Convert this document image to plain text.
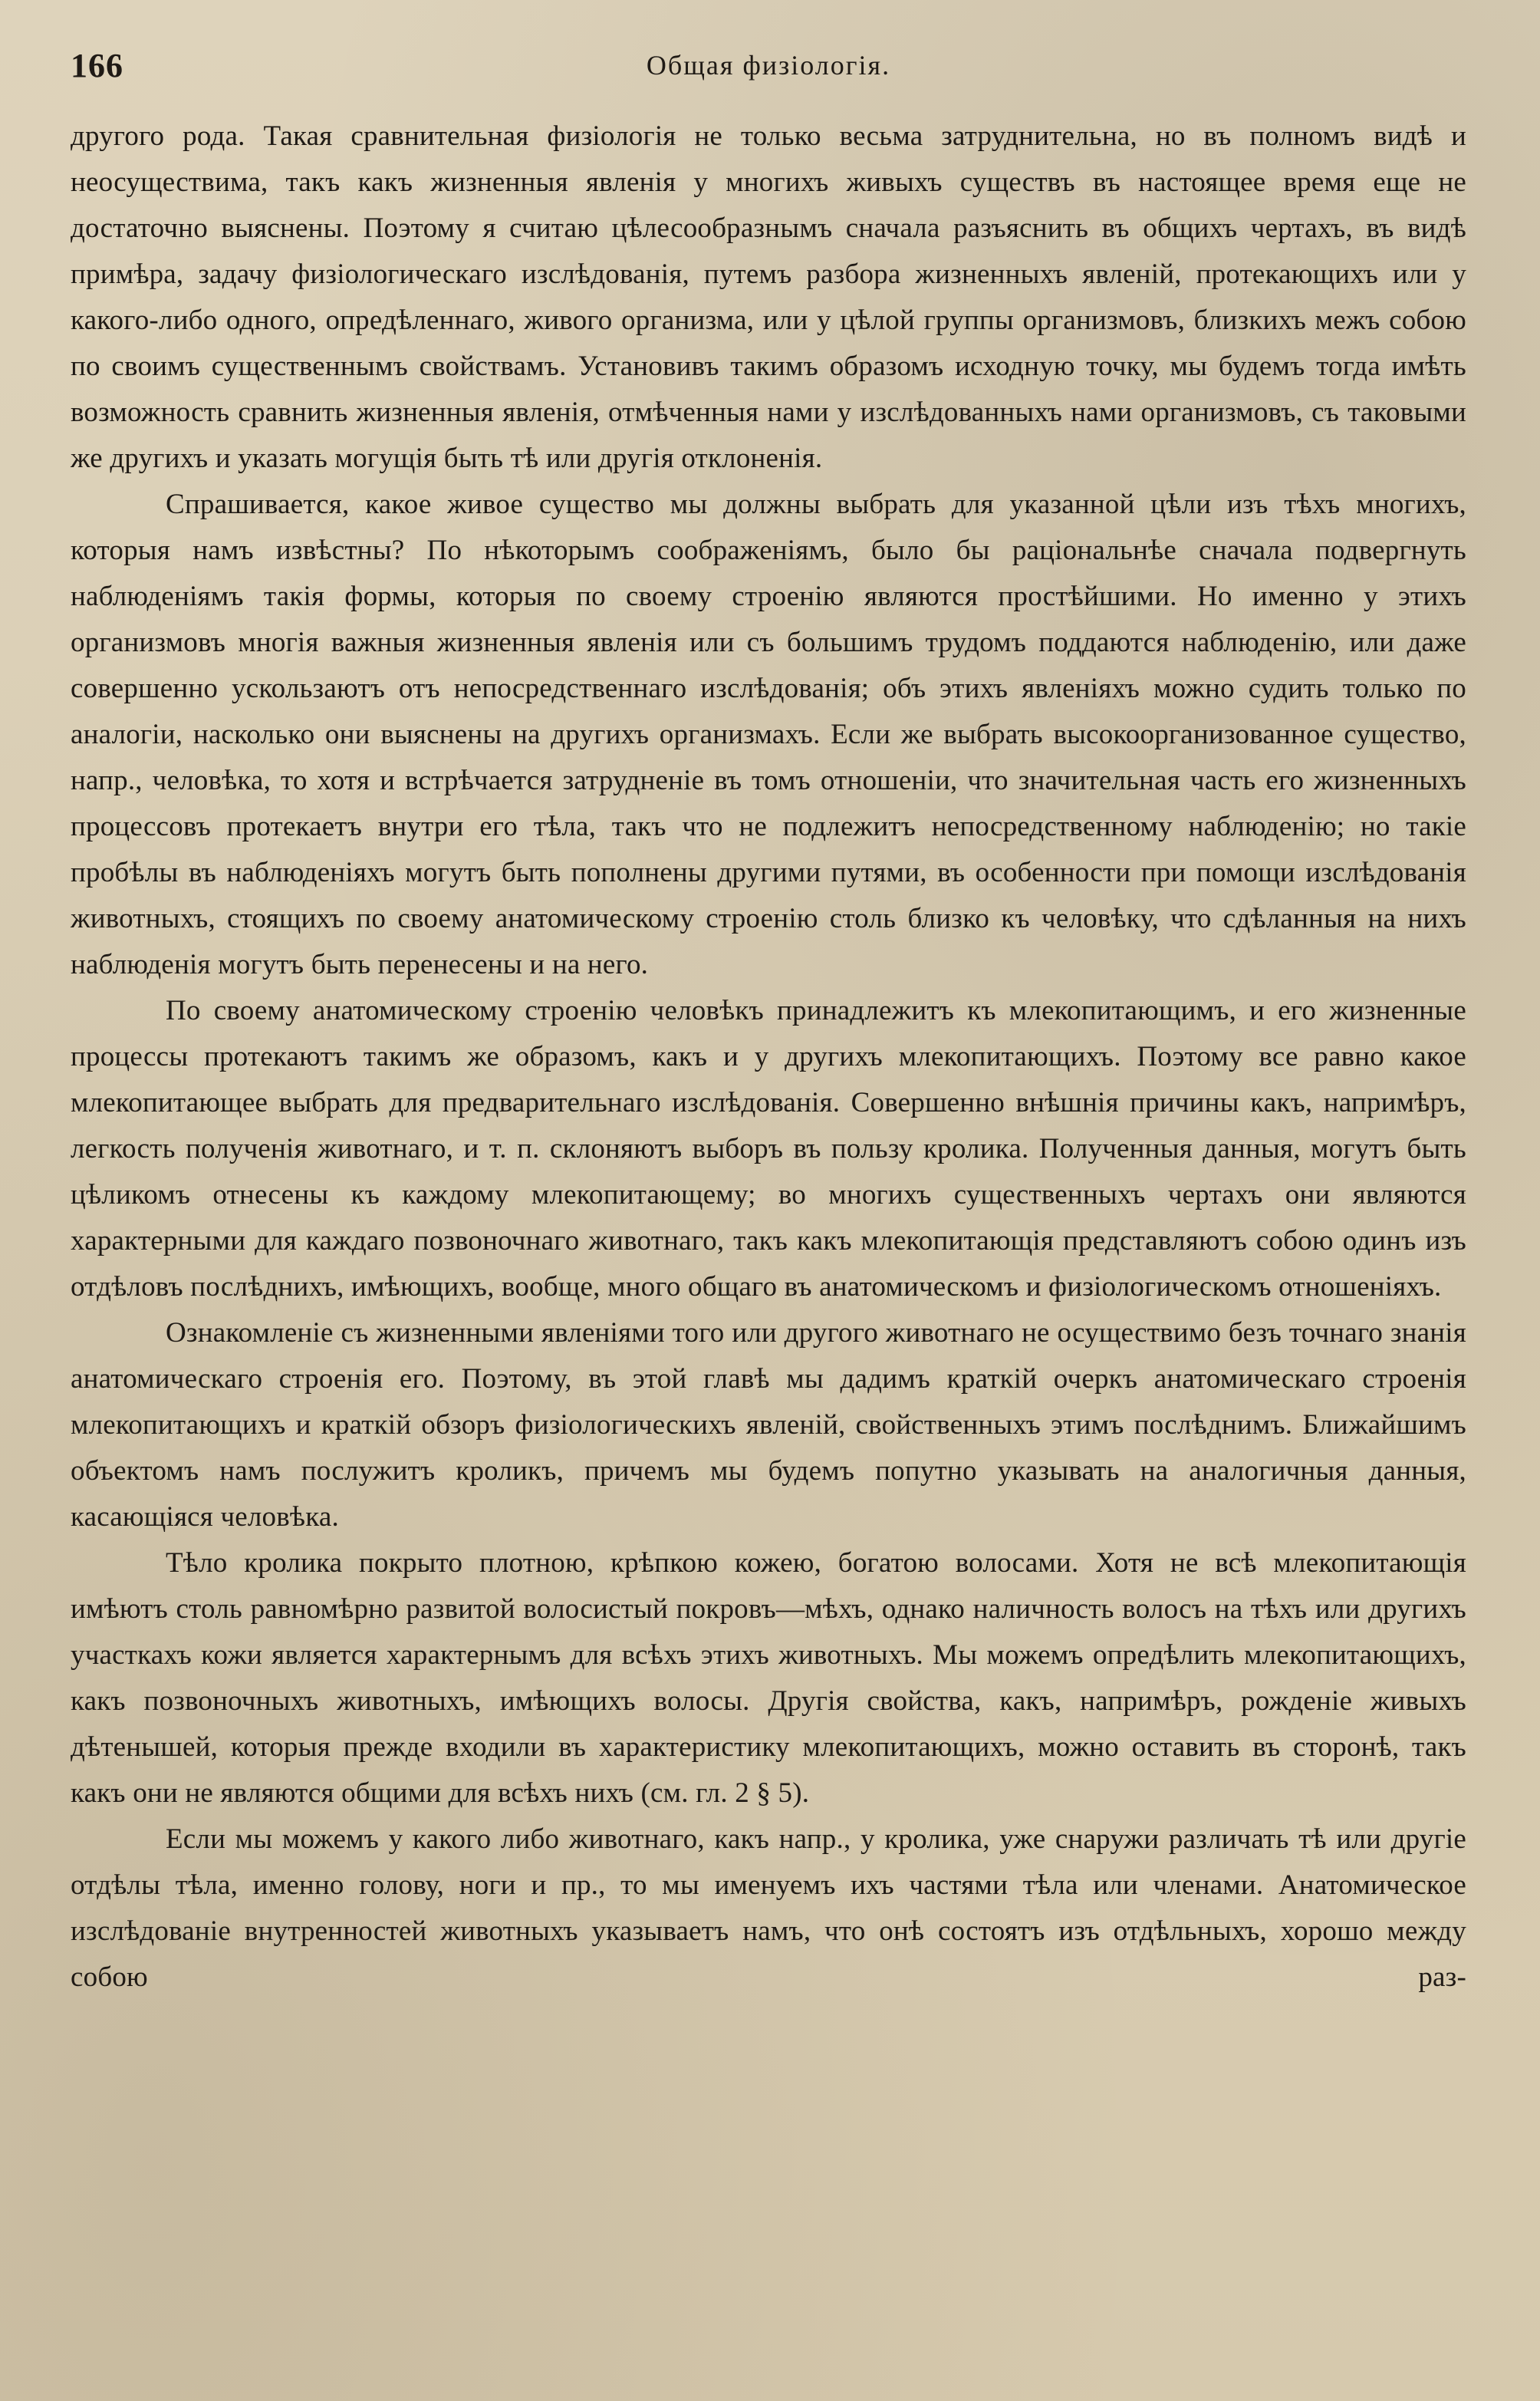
166	Общая физiологiя.

другого рода. Такая сравнительная физiологiя не только весьма затруднительна, но въ полномъ видѣ и неосуществима, такъ какъ жизненныя явленiя у многихъ живыхъ существъ въ настоящее время еще не достаточно выяснены. Поэтому я считаю цѣлесообразнымъ сначала разъяснить въ общихъ чертахъ, въ видѣ примѣра, задачу физiологическаго изслѣдованiя, путемъ разбора жизненныхъ явленiй, протекающихъ или у какого-либо одного, опредѣленнаго, живого организма, или у цѣлой группы организмовъ, близкихъ межъ собою по своимъ существеннымъ свойствамъ. Установивъ такимъ образомъ исходную точку, мы будемъ тогда имѣть возможность сравнить жизненныя явленiя, отмѣченныя нами у изслѣдованныхъ нами организмовъ, съ таковыми же другихъ и указать могущiя быть тѣ или другiя отклоненiя.

Спрашивается, какое живое существо мы должны выбрать для указанной цѣли изъ тѣхъ многихъ, которыя намъ извѣстны? По нѣкоторымъ соображенiямъ, было бы рацiональнѣе сначала подвергнуть наблюденiямъ такiя формы, которыя по своему строенiю являются простѣйшими. Но именно у этихъ организмовъ многiя важныя жизненныя явленiя или съ большимъ трудомъ поддаются наблюденiю, или даже совершенно ускользаютъ отъ непосредственнаго изслѣдованiя; объ этихъ явленiяхъ можно судить только по аналогiи, насколько они выяснены на другихъ организмахъ. Если же выбрать высокоорганизованное существо, напр., человѣка, то хотя и встрѣчается затрудненiе въ томъ отношенiи, что значительная часть его жизненныхъ процессовъ протекаетъ внутри его тѣла, такъ что не подлежитъ непосредственному наблюденiю; но такiе пробѣлы въ наблюденiяхъ могутъ быть пополнены другими путями, въ особенности при помощи изслѣдованiя животныхъ, стоящихъ по своему анатомическому строенiю столь близко къ человѣку, что сдѣланныя на нихъ наблюденiя могутъ быть перенесены и на него.

По своему анатомическому строенiю человѣкъ принадлежитъ къ млекопитающимъ, и его жизненные процессы протекаютъ такимъ же образомъ, какъ и у другихъ млекопитающихъ. Поэтому все равно какое млекопитающее выбрать для предварительнаго изслѣдованiя. Совершенно внѣшнiя причины какъ, напримѣръ, легкость полученiя животнаго, и т. п. склоняютъ выборъ въ пользу кролика. Полученныя данныя, могутъ быть цѣликомъ отнесены къ каждому млекопитающему; во многихъ существенныхъ чертахъ они являются характерными для каждаго позвоночнаго животнаго, такъ какъ млекопитающiя представляютъ собою одинъ изъ отдѣловъ послѣднихъ, имѣющихъ, вообще, много общаго въ анатомическомъ и физiологическомъ отношенiяхъ.

Ознакомленiе съ жизненными явленiями того или другого животнаго не осуществимо безъ точнаго знанiя анатомическаго строенiя его. Поэтому, въ этой главѣ мы дадимъ краткiй очеркъ анатомическаго строенiя млекопитающихъ и краткiй обзоръ физiологическихъ явленiй, свойственныхъ этимъ послѣднимъ. Ближайшимъ объектомъ намъ послужитъ кроликъ, причемъ мы будемъ попутно указывать на аналогичныя данныя, касающiяся человѣка.

Тѣло кролика покрыто плотною, крѣпкою кожею, богатою волосами. Хотя не всѣ млекопитающiя имѣютъ столь равномѣрно развитой волосистый покровъ—мѣхъ, однако наличность волосъ на тѣхъ или другихъ участкахъ кожи является характернымъ для всѣхъ этихъ животныхъ. Мы можемъ опредѣлить млекопитающихъ, какъ позвоночныхъ животныхъ, имѣющихъ волосы. Другiя свойства, какъ, напримѣръ, рожденiе живыхъ дѣтенышей, которыя прежде входили въ характеристику млекопитающихъ, можно оставить въ сторонѣ, такъ какъ они не являются общими для всѣхъ нихъ (см. гл. 2 § 5).

Если мы можемъ у какого либо животнаго, какъ напр., у кролика, уже снаружи различать тѣ или другiе отдѣлы тѣла, именно голову, ноги и пр., то мы именуемъ ихъ частями тѣла или членами. Анатомическое изслѣдованiе внутренностей животныхъ указываетъ намъ, что онѣ состоятъ изъ отдѣльныхъ, хорошо между собою раз-
